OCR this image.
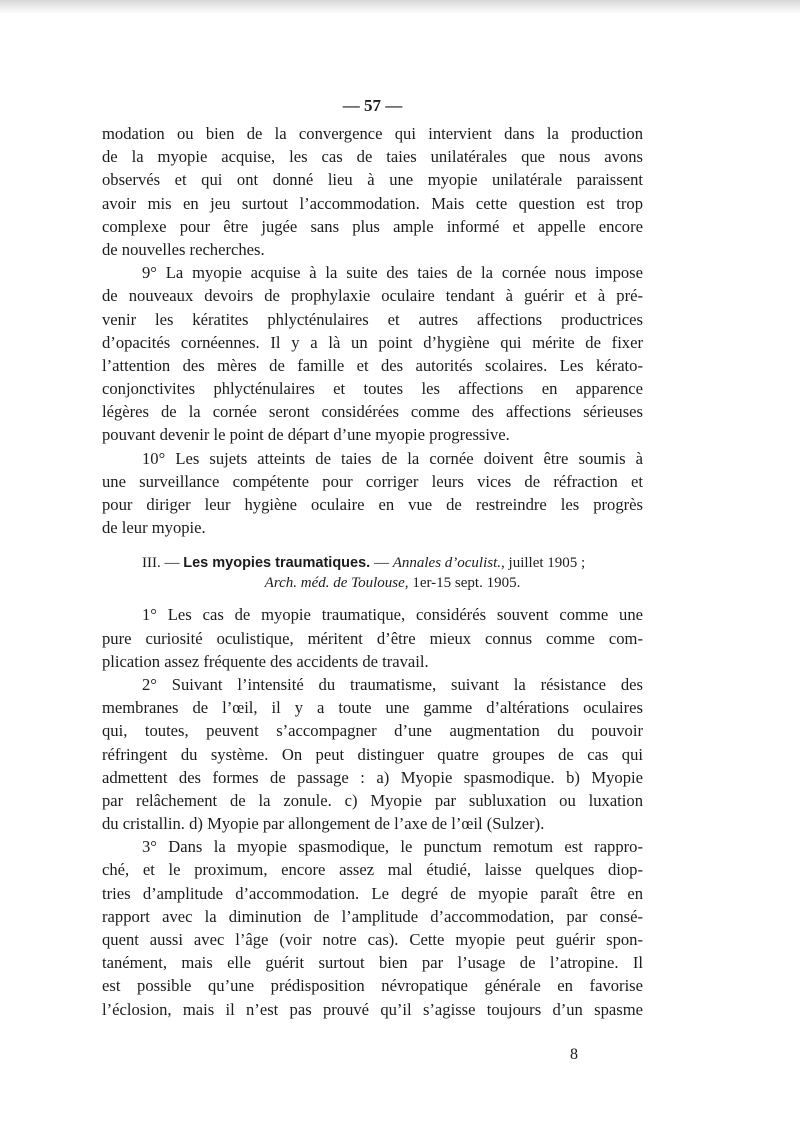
— 57 —
modation ou bien de la convergence qui intervient dans la production
de la myopie acquise, les cas de taies unilatérales que nous avons
observés et qui ont donné lieu à une myopie unilatérale paraissent
avoir mis en jeu surtout l’accommodation. Mais cette question est trop
complexe pour être jugée sans plus ample informé et appelle encore
de nouvelles recherches.
9° La myopie acquise à la suite des taies de la cornée nous impose
de nouveaux devoirs de prophylaxie oculaire tendant à guérir et à pré-
venir les kératites phlycténulaires et autres affections productrices
d’opacités cornéennes. Il y a là un point d’hygiène qui mérite de fixer
l’attention des mères de famille et des autorités scolaires. Les kérato-
conjonctivites phlycténulaires et toutes les affections en apparence
légères de la cornée seront considérées comme des affections sérieuses
pouvant devenir le point de départ d’une myopie progressive.
10° Les sujets atteints de taies de la cornée doivent être soumis à
une surveillance compétente pour corriger leurs vices de réfraction et
pour diriger leur hygiène oculaire en vue de restreindre les progrès
de leur myopie.
III. — Les myopies traumatiques. — Annales d’oculist., juillet 1905 ;
Arch. méd. de Toulouse, 1er-15 sept. 1905.
1° Les cas de myopie traumatique, considérés souvent comme une
pure curiosité oculistique, méritent d’être mieux connus comme com-
plication assez fréquente des accidents de travail.
2° Suivant l’intensité du traumatisme, suivant la résistance des
membranes de l’œil, il y a toute une gamme d’altérations oculaires
qui, toutes, peuvent s’accompagner d’une augmentation du pouvoir
réfringent du système. On peut distinguer quatre groupes de cas qui
admettent des formes de passage : a) Myopie spasmodique. b) Myopie
par relâchement de la zonule. c) Myopie par subluxation ou luxation
du cristallin. d) Myopie par allongement de l’axe de l’œil (Sulzer).
3° Dans la myopie spasmodique, le punctum remotum est rappro-
ché, et le proximum, encore assez mal étudié, laisse quelques diop-
tries d’amplitude d’accommodation. Le degré de myopie paraît être en
rapport avec la diminution de l’amplitude d’accommodation, par consé-
quent aussi avec l’âge (voir notre cas). Cette myopie peut guérir spon-
tanément, mais elle guérit surtout bien par l’usage de l’atropine. Il
est possible qu’une prédisposition névropatique générale en favorise
l’éclosion, mais il n’est pas prouvé qu’il s’agisse toujours d’un spasme
8
